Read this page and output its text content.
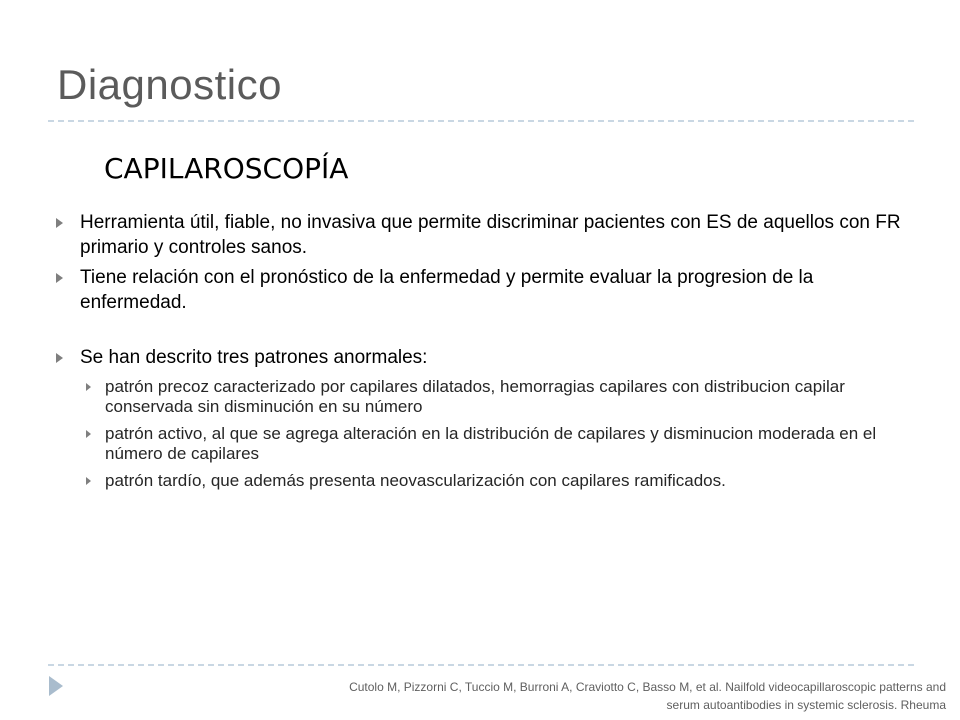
Diagnostico
CAPILAROSCOPÍA
Herramienta útil, fiable, no invasiva que permite discriminar pacientes con ES de aquellos con FR primario y controles sanos.
Tiene relación con el pronóstico de la enfermedad y permite evaluar la progresion de la enfermedad.
Se han descrito tres patrones anormales:
patrón precoz caracterizado por capilares dilatados, hemorragias capilares con distribucion capilar conservada sin disminución en su número
patrón activo, al que se agrega alteración en la distribución de capilares y disminucion moderada en el número de capilares
patrón tardío, que además presenta neovascularización con capilares ramificados.
Cutolo M, Pizzorni C, Tuccio M, Burroni A, Craviotto C, Basso M, et al. Nailfold videocapillaroscopic patterns and
serum autoantibodies in systemic sclerosis. Rheuma
